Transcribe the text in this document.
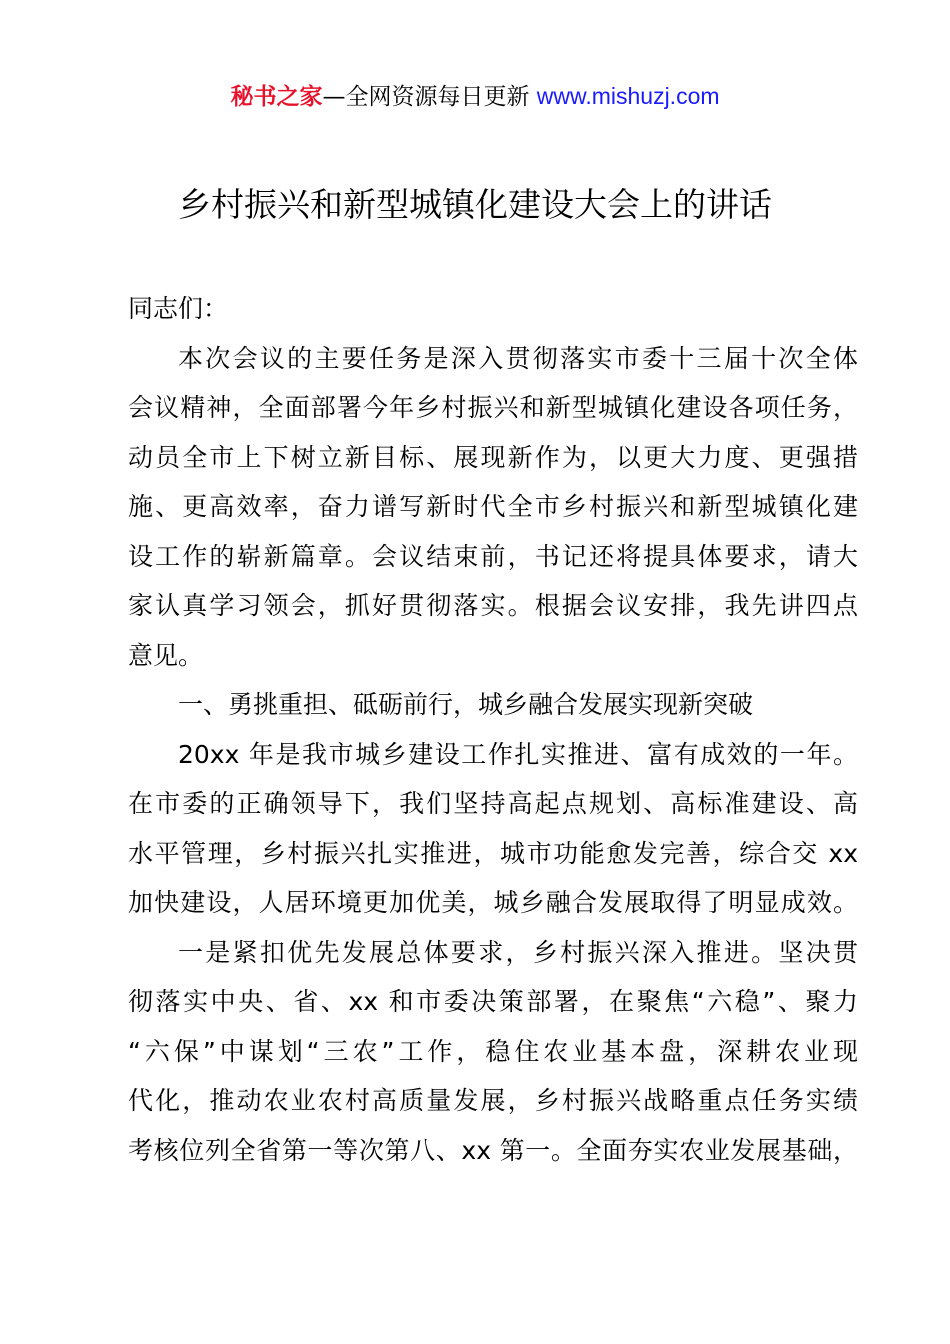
秘书之家—全网资源每日更新 www.mishuzj.com
乡村振兴和新型城镇化建设大会上的讲话
同志们：
本次会议的主要任务是深入贯彻落实市委十三届十次全体
会议精神，全面部署今年乡村振兴和新型城镇化建设各项任务，
动员全市上下树立新目标、展现新作为，以更大力度、更强措
施、更高效率，奋力谱写新时代全市乡村振兴和新型城镇化建
设工作的崭新篇章。会议结束前，书记还将提具体要求，请大
家认真学习领会，抓好贯彻落实。根据会议安排，我先讲四点
意见。
一、勇挑重担、砥砺前行，城乡融合发展实现新突破
20xx 年是我市城乡建设工作扎实推进、富有成效的一年。
在市委的正确领导下，我们坚持高起点规划、高标准建设、高
水平管理，乡村振兴扎实推进，城市功能愈发完善，综合交 xx
加快建设，人居环境更加优美，城乡融合发展取得了明显成效。
一是紧扣优先发展总体要求，乡村振兴深入推进。坚决贯
彻落实中央、省、xx 和市委决策部署，在聚焦“六稳”、聚力
“六保”中谋划“三农”工作，稳住农业基本盘，深耕农业现
代化，推动农业农村高质量发展，乡村振兴战略重点任务实绩
考核位列全省第一等次第八、xx 第一。全面夯实农业发展基础，
